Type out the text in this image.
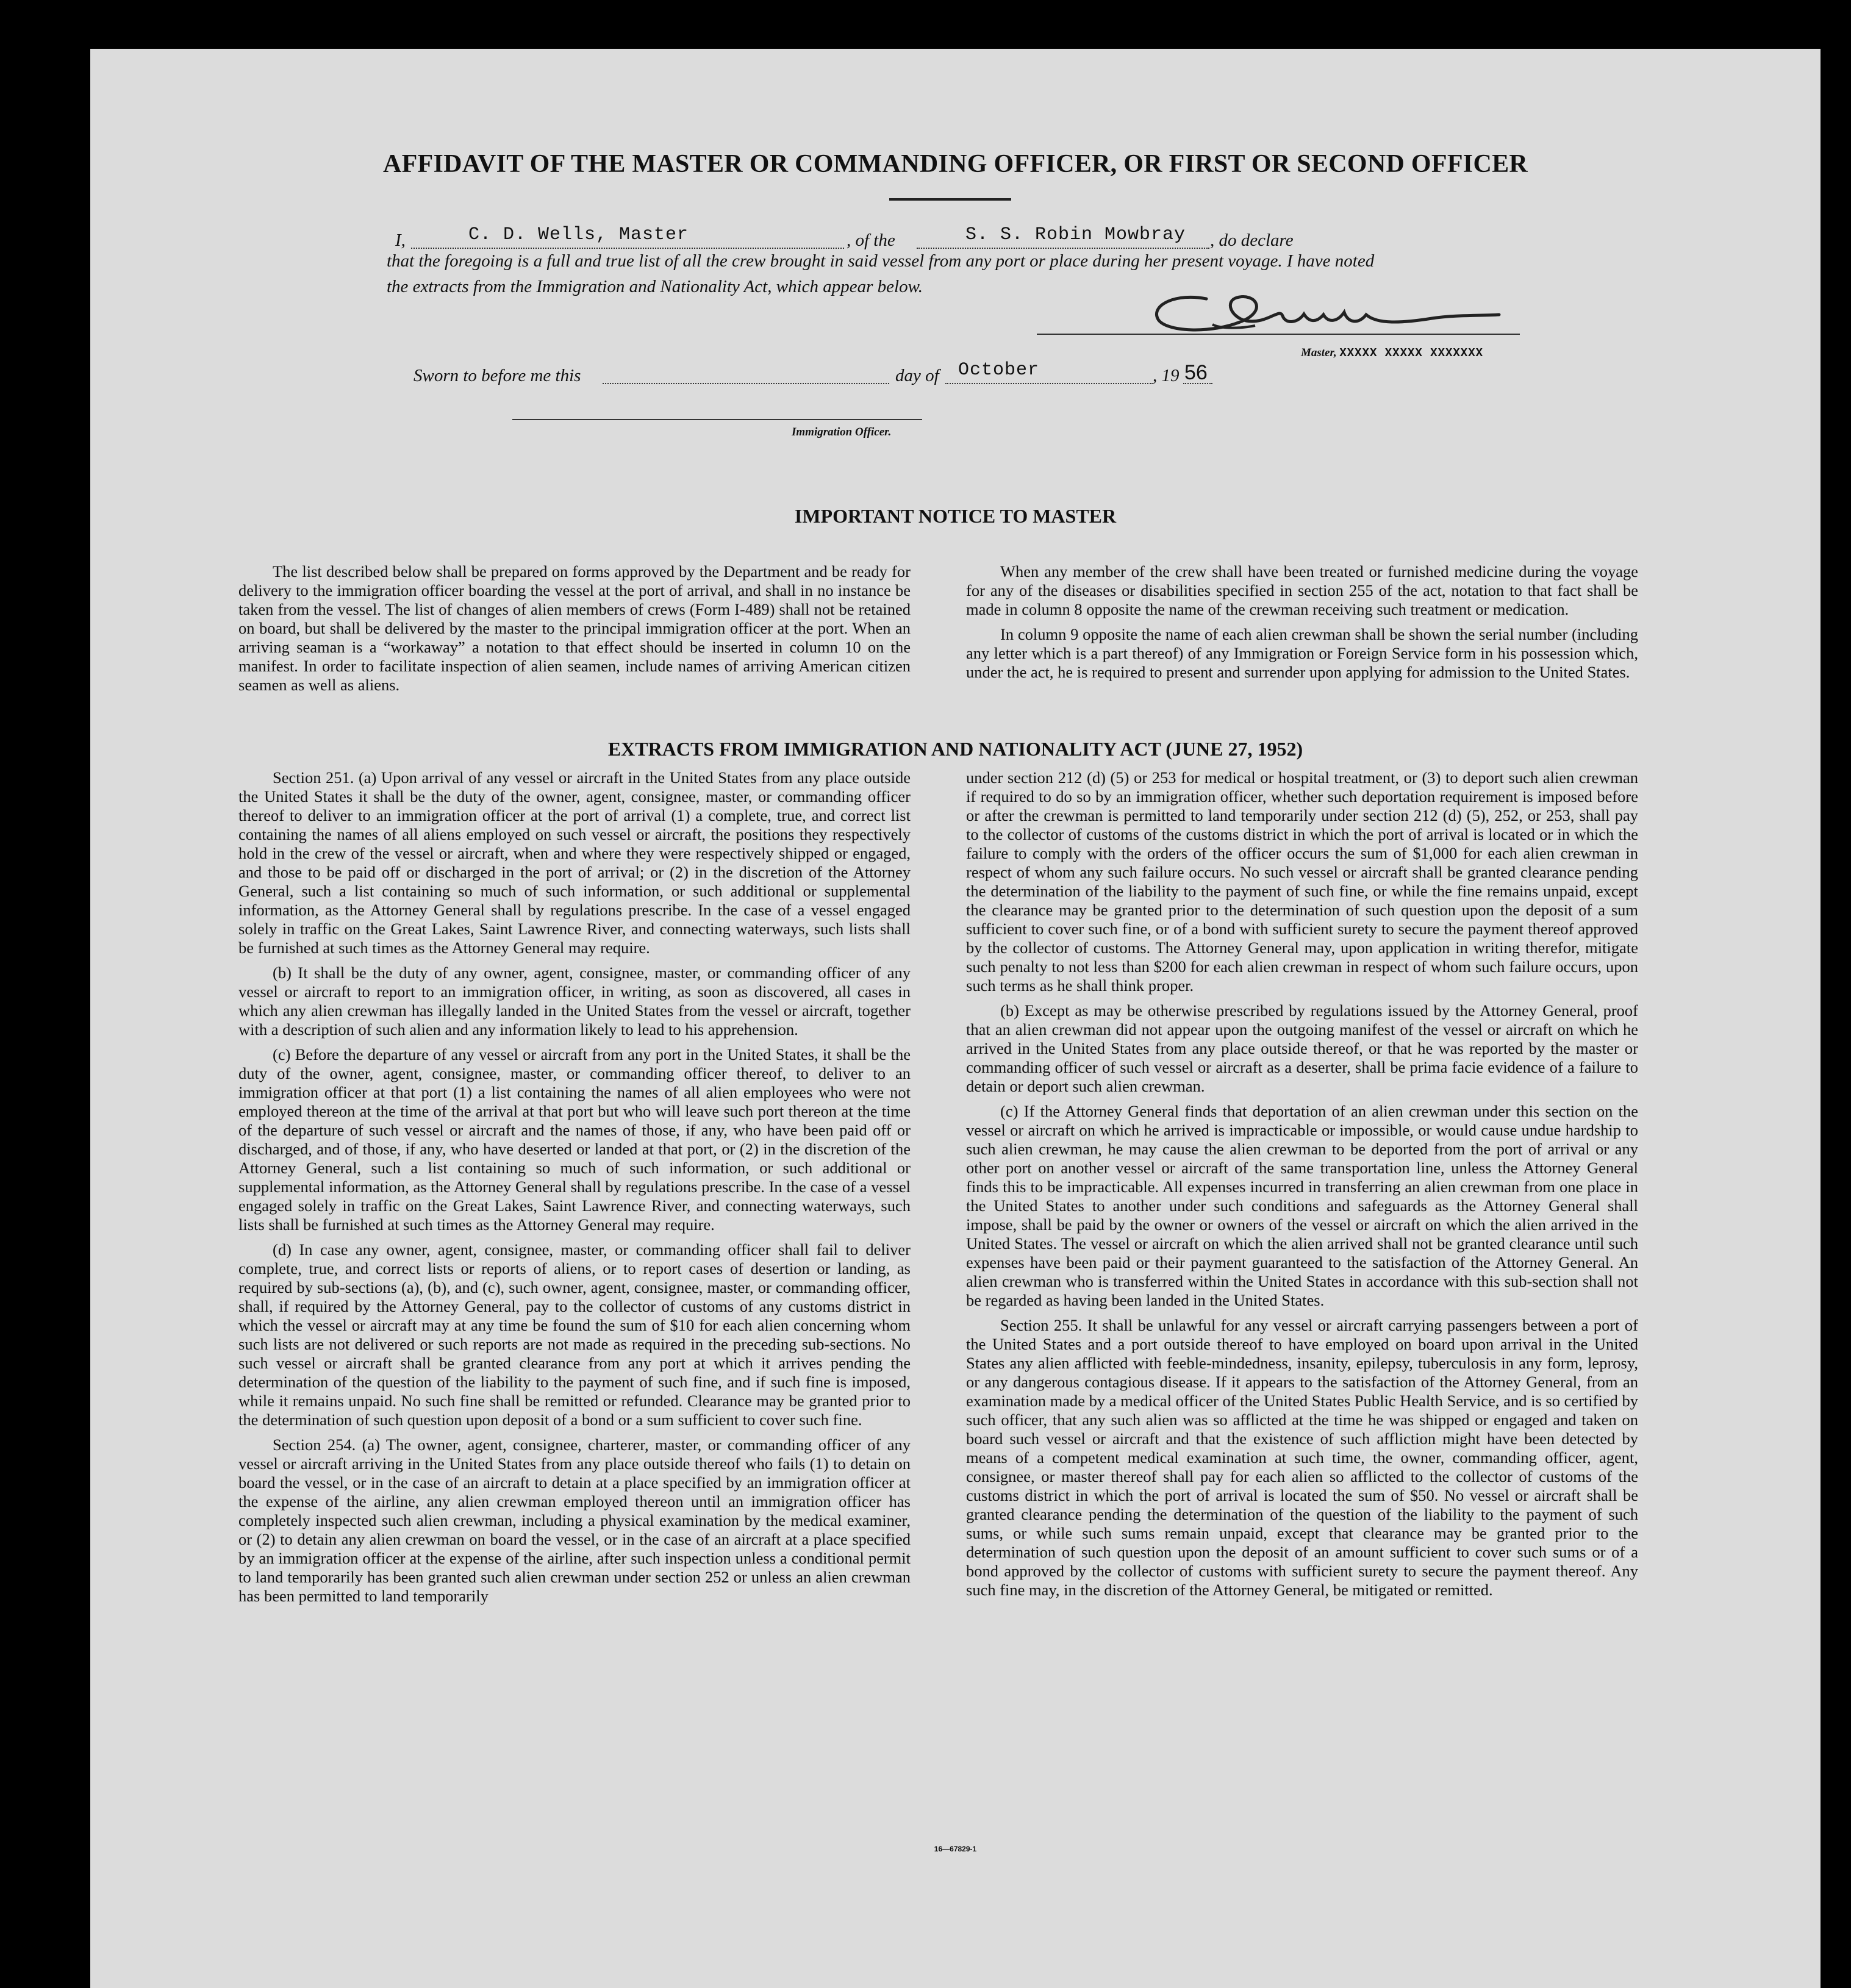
AFFIDAVIT OF THE MASTER OR COMMANDING OFFICER, OR FIRST OR SECOND OFFICER
I,	C. D. Wells, Master	, of the	S. S. Robin Mowbray , do declare
that the foregoing is a full and true list of all the crew brought in said vessel from any port or place during her present voyage. I have noted
the extracts from the Immigration and Nationality Act, which appear below.
Master, XXXXX XXXXX XXXXXXX
Sworn to before me this	day of October	, 19 56
Immigration Officer.
IMPORTANT NOTICE TO MASTER

The list described below shall be prepared on forms approved by the Department and be ready for delivery to the immigration officer boarding the vessel at the port of arrival, and shall in no instance be taken from the vessel. The list of changes of alien members of crews (Form I-489) shall not be retained on board, but shall be delivered by the master to the principal immigration officer at the port. When an arriving seaman is a “workaway” a notation to that effect should be inserted in column 10 on the manifest. In order to facilitate inspection of alien seamen, include names of arriving American citizen seamen as well as aliens.

When any member of the crew shall have been treated or furnished medicine during the voyage for any of the diseases or disabilities specified in section 255 of the act, notation to that fact shall be made in column 8 opposite the name of the crewman receiving such treatment or medication.

In column 9 opposite the name of each alien crewman shall be shown the serial number (including any letter which is a part thereof) of any Immigration or Foreign Service form in his possession which, under the act, he is required to present and surrender upon applying for admission to the United States.

EXTRACTS FROM IMMIGRATION AND NATIONALITY ACT (JUNE 27, 1952)

Section 251. (a) Upon arrival of any vessel or aircraft in the United States from any place outside the United States it shall be the duty of the owner, agent, consignee, master, or commanding officer thereof to deliver to an immigration officer at the port of arrival (1) a complete, true, and correct list containing the names of all aliens employed on such vessel or aircraft, the positions they respectively hold in the crew of the vessel or aircraft, when and where they were respectively shipped or engaged, and those to be paid off or discharged in the port of arrival; or (2) in the discretion of the Attorney General, such a list containing so much of such information, or such additional or supplemental information, as the Attorney General shall by regulations prescribe. In the case of a vessel engaged solely in traffic on the Great Lakes, Saint Lawrence River, and connecting waterways, such lists shall be furnished at such times as the Attorney General may require.

(b) It shall be the duty of any owner, agent, consignee, master, or commanding officer of any vessel or aircraft to report to an immigration officer, in writing, as soon as discovered, all cases in which any alien crewman has illegally landed in the United States from the vessel or aircraft, together with a description of such alien and any information likely to lead to his apprehension.

(c) Before the departure of any vessel or aircraft from any port in the United States, it shall be the duty of the owner, agent, consignee, master, or commanding officer thereof, to deliver to an immigration officer at that port (1) a list containing the names of all alien employees who were not employed thereon at the time of the arrival at that port but who will leave such port thereon at the time of the departure of such vessel or aircraft and the names of those, if any, who have been paid off or discharged, and of those, if any, who have deserted or landed at that port, or (2) in the discretion of the Attorney General, such a list containing so much of such information, or such additional or supplemental information, as the Attorney General shall by regulations prescribe. In the case of a vessel engaged solely in traffic on the Great Lakes, Saint Lawrence River, and connecting waterways, such lists shall be furnished at such times as the Attorney General may require.

(d) In case any owner, agent, consignee, master, or commanding officer shall fail to deliver complete, true, and correct lists or reports of aliens, or to report cases of desertion or landing, as required by sub-sections (a), (b), and (c), such owner, agent, consignee, master, or commanding officer, shall, if required by the Attorney General, pay to the collector of customs of any customs district in which the vessel or aircraft may at any time be found the sum of $10 for each alien concerning whom such lists are not delivered or such reports are not made as required in the preceding sub-sections. No such vessel or aircraft shall be granted clearance from any port at which it arrives pending the determination of the question of the liability to the payment of such fine, and if such fine is imposed, while it remains unpaid. No such fine shall be remitted or refunded. Clearance may be granted prior to the determination of such question upon deposit of a bond or a sum sufficient to cover such fine.

Section 254. (a) The owner, agent, consignee, charterer, master, or commanding officer of any vessel or aircraft arriving in the United States from any place outside thereof who fails (1) to detain on board the vessel, or in the case of an aircraft to detain at a place specified by an immigration officer at the expense of the airline, any alien crewman employed thereon until an immigration officer has completely inspected such alien crewman, including a physical examination by the medical examiner, or (2) to detain any alien crewman on board the vessel, or in the case of an aircraft at a place specified by an immigration officer at the expense of the airline, after such inspection unless a conditional permit to land temporarily has been granted such alien crewman under section 252 or unless an alien crewman has been permitted to land temporarily

under section 212 (d) (5) or 253 for medical or hospital treatment, or (3) to deport such alien crewman if required to do so by an immigration officer, whether such deportation requirement is imposed before or after the crewman is permitted to land temporarily under section 212 (d) (5), 252, or 253, shall pay to the collector of customs of the customs district in which the port of arrival is located or in which the failure to comply with the orders of the officer occurs the sum of $1,000 for each alien crewman in respect of whom any such failure occurs. No such vessel or aircraft shall be granted clearance pending the determination of the liability to the payment of such fine, or while the fine remains unpaid, except the clearance may be granted prior to the determination of such question upon the deposit of a sum sufficient to cover such fine, or of a bond with sufficient surety to secure the payment thereof approved by the collector of customs. The Attorney General may, upon application in writing therefor, mitigate such penalty to not less than $200 for each alien crewman in respect of whom such failure occurs, upon such terms as he shall think proper.

(b) Except as may be otherwise prescribed by regulations issued by the Attorney General, proof that an alien crewman did not appear upon the outgoing manifest of the vessel or aircraft on which he arrived in the United States from any place outside thereof, or that he was reported by the master or commanding officer of such vessel or aircraft as a deserter, shall be prima facie evidence of a failure to detain or deport such alien crewman.

(c) If the Attorney General finds that deportation of an alien crewman under this section on the vessel or aircraft on which he arrived is impracticable or impossible, or would cause undue hardship to such alien crewman, he may cause the alien crewman to be deported from the port of arrival or any other port on another vessel or aircraft of the same transportation line, unless the Attorney General finds this to be impracticable. All expenses incurred in transferring an alien crewman from one place in the United States to another under such conditions and safeguards as the Attorney General shall impose, shall be paid by the owner or owners of the vessel or aircraft on which the alien arrived in the United States. The vessel or aircraft on which the alien arrived shall not be granted clearance until such expenses have been paid or their payment guaranteed to the satisfaction of the Attorney General. An alien crewman who is transferred within the United States in accordance with this sub-section shall not be regarded as having been landed in the United States.

Section 255. It shall be unlawful for any vessel or aircraft carrying passengers between a port of the United States and a port outside thereof to have employed on board upon arrival in the United States any alien afflicted with feeble-mindedness, insanity, epilepsy, tuberculosis in any form, leprosy, or any dangerous contagious disease. If it appears to the satisfaction of the Attorney General, from an examination made by a medical officer of the United States Public Health Service, and is so certified by such officer, that any such alien was so afflicted at the time he was shipped or engaged and taken on board such vessel or aircraft and that the existence of such affliction might have been detected by means of a competent medical examination at such time, the owner, commanding officer, agent, consignee, or master thereof shall pay for each alien so afflicted to the collector of customs of the customs district in which the port of arrival is located the sum of $50. No vessel or aircraft shall be granted clearance pending the determination of the question of the liability to the payment of such sums, or while such sums remain unpaid, except that clearance may be granted prior to the determination of such question upon the deposit of an amount sufficient to cover such sums or of a bond approved by the collector of customs with sufficient surety to secure the payment thereof. Any such fine may, in the discretion of the Attorney General, be mitigated or remitted.

16—67829-1
